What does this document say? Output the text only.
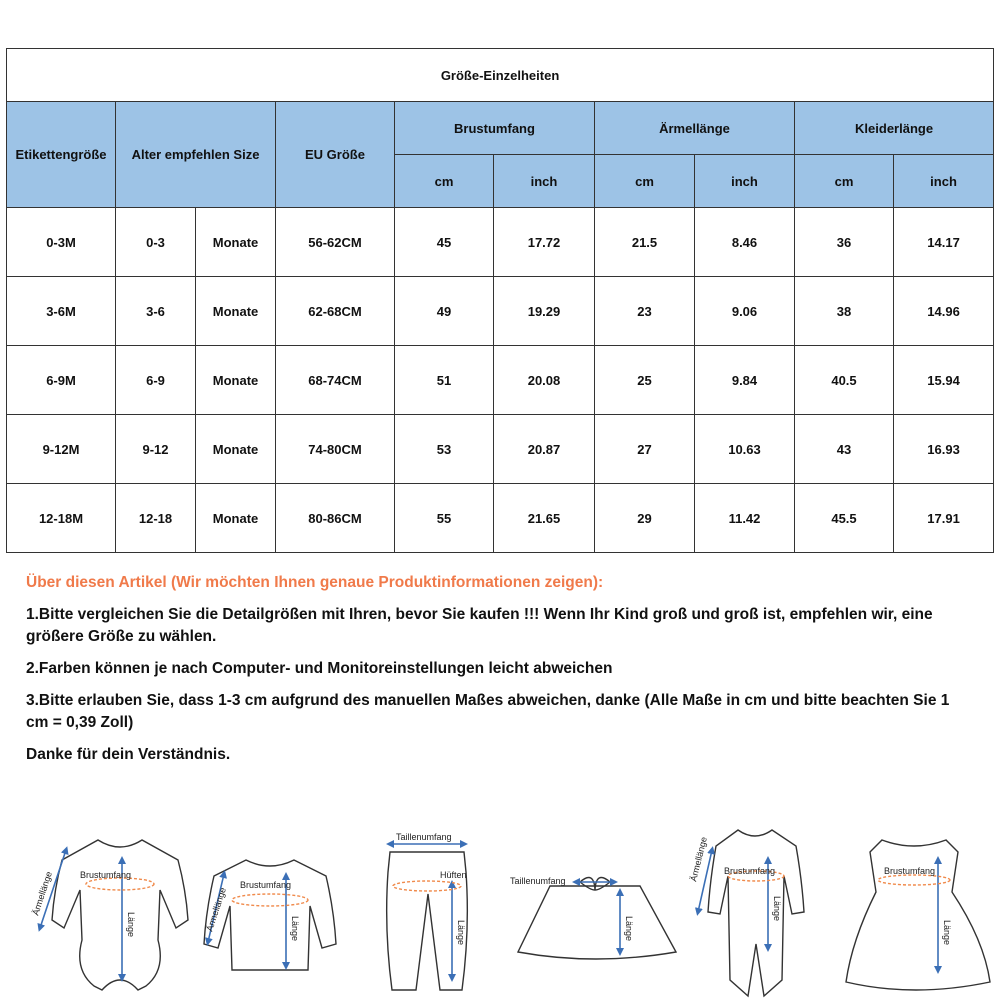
Größe-Einzelheiten									
Etikettengröße	Alter empfehlen Size		EU Größe	Brustumfang		Ärmellänge		Kleiderlänge	
				cm	inch	cm	inch	cm	inch
0-3M	0-3	Monate	56-62CM	45	17.72	21.5	8.46	36	14.17
3-6M	3-6	Monate	62-68CM	49	19.29	23	9.06	38	14.96
6-9M	6-9	Monate	68-74CM	51	20.08	25	9.84	40.5	15.94
9-12M	9-12	Monate	74-80CM	53	20.87	27	10.63	43	16.93
12-18M	12-18	Monate	80-86CM	55	21.65	29	11.42	45.5	17.91

Über diesen Artikel (Wir möchten Ihnen genaue Produktinformationen zeigen):

1.Bitte vergleichen Sie die Detailgrößen mit Ihren, bevor Sie kaufen !!! Wenn Ihr Kind groß und groß ist, empfehlen wir, eine größere Größe zu wählen.

2.Farben können je nach Computer- und Monitoreinstellungen leicht abweichen

3.Bitte erlauben Sie, dass 1-3 cm aufgrund des manuellen Maßes abweichen, danke (Alle Maße in cm und bitte beachten Sie 1 cm = 0,39 Zoll)

Danke für dein Verständnis.

Brustumfang
Ärmellänge
Länge
Brustumfang
Ärmellänge	Länge
Taillenumfang
Hüften
Länge
Taillenumfang
Länge
Brustumfang
Ärmellänge
Länge
Brustumfang
Länge
